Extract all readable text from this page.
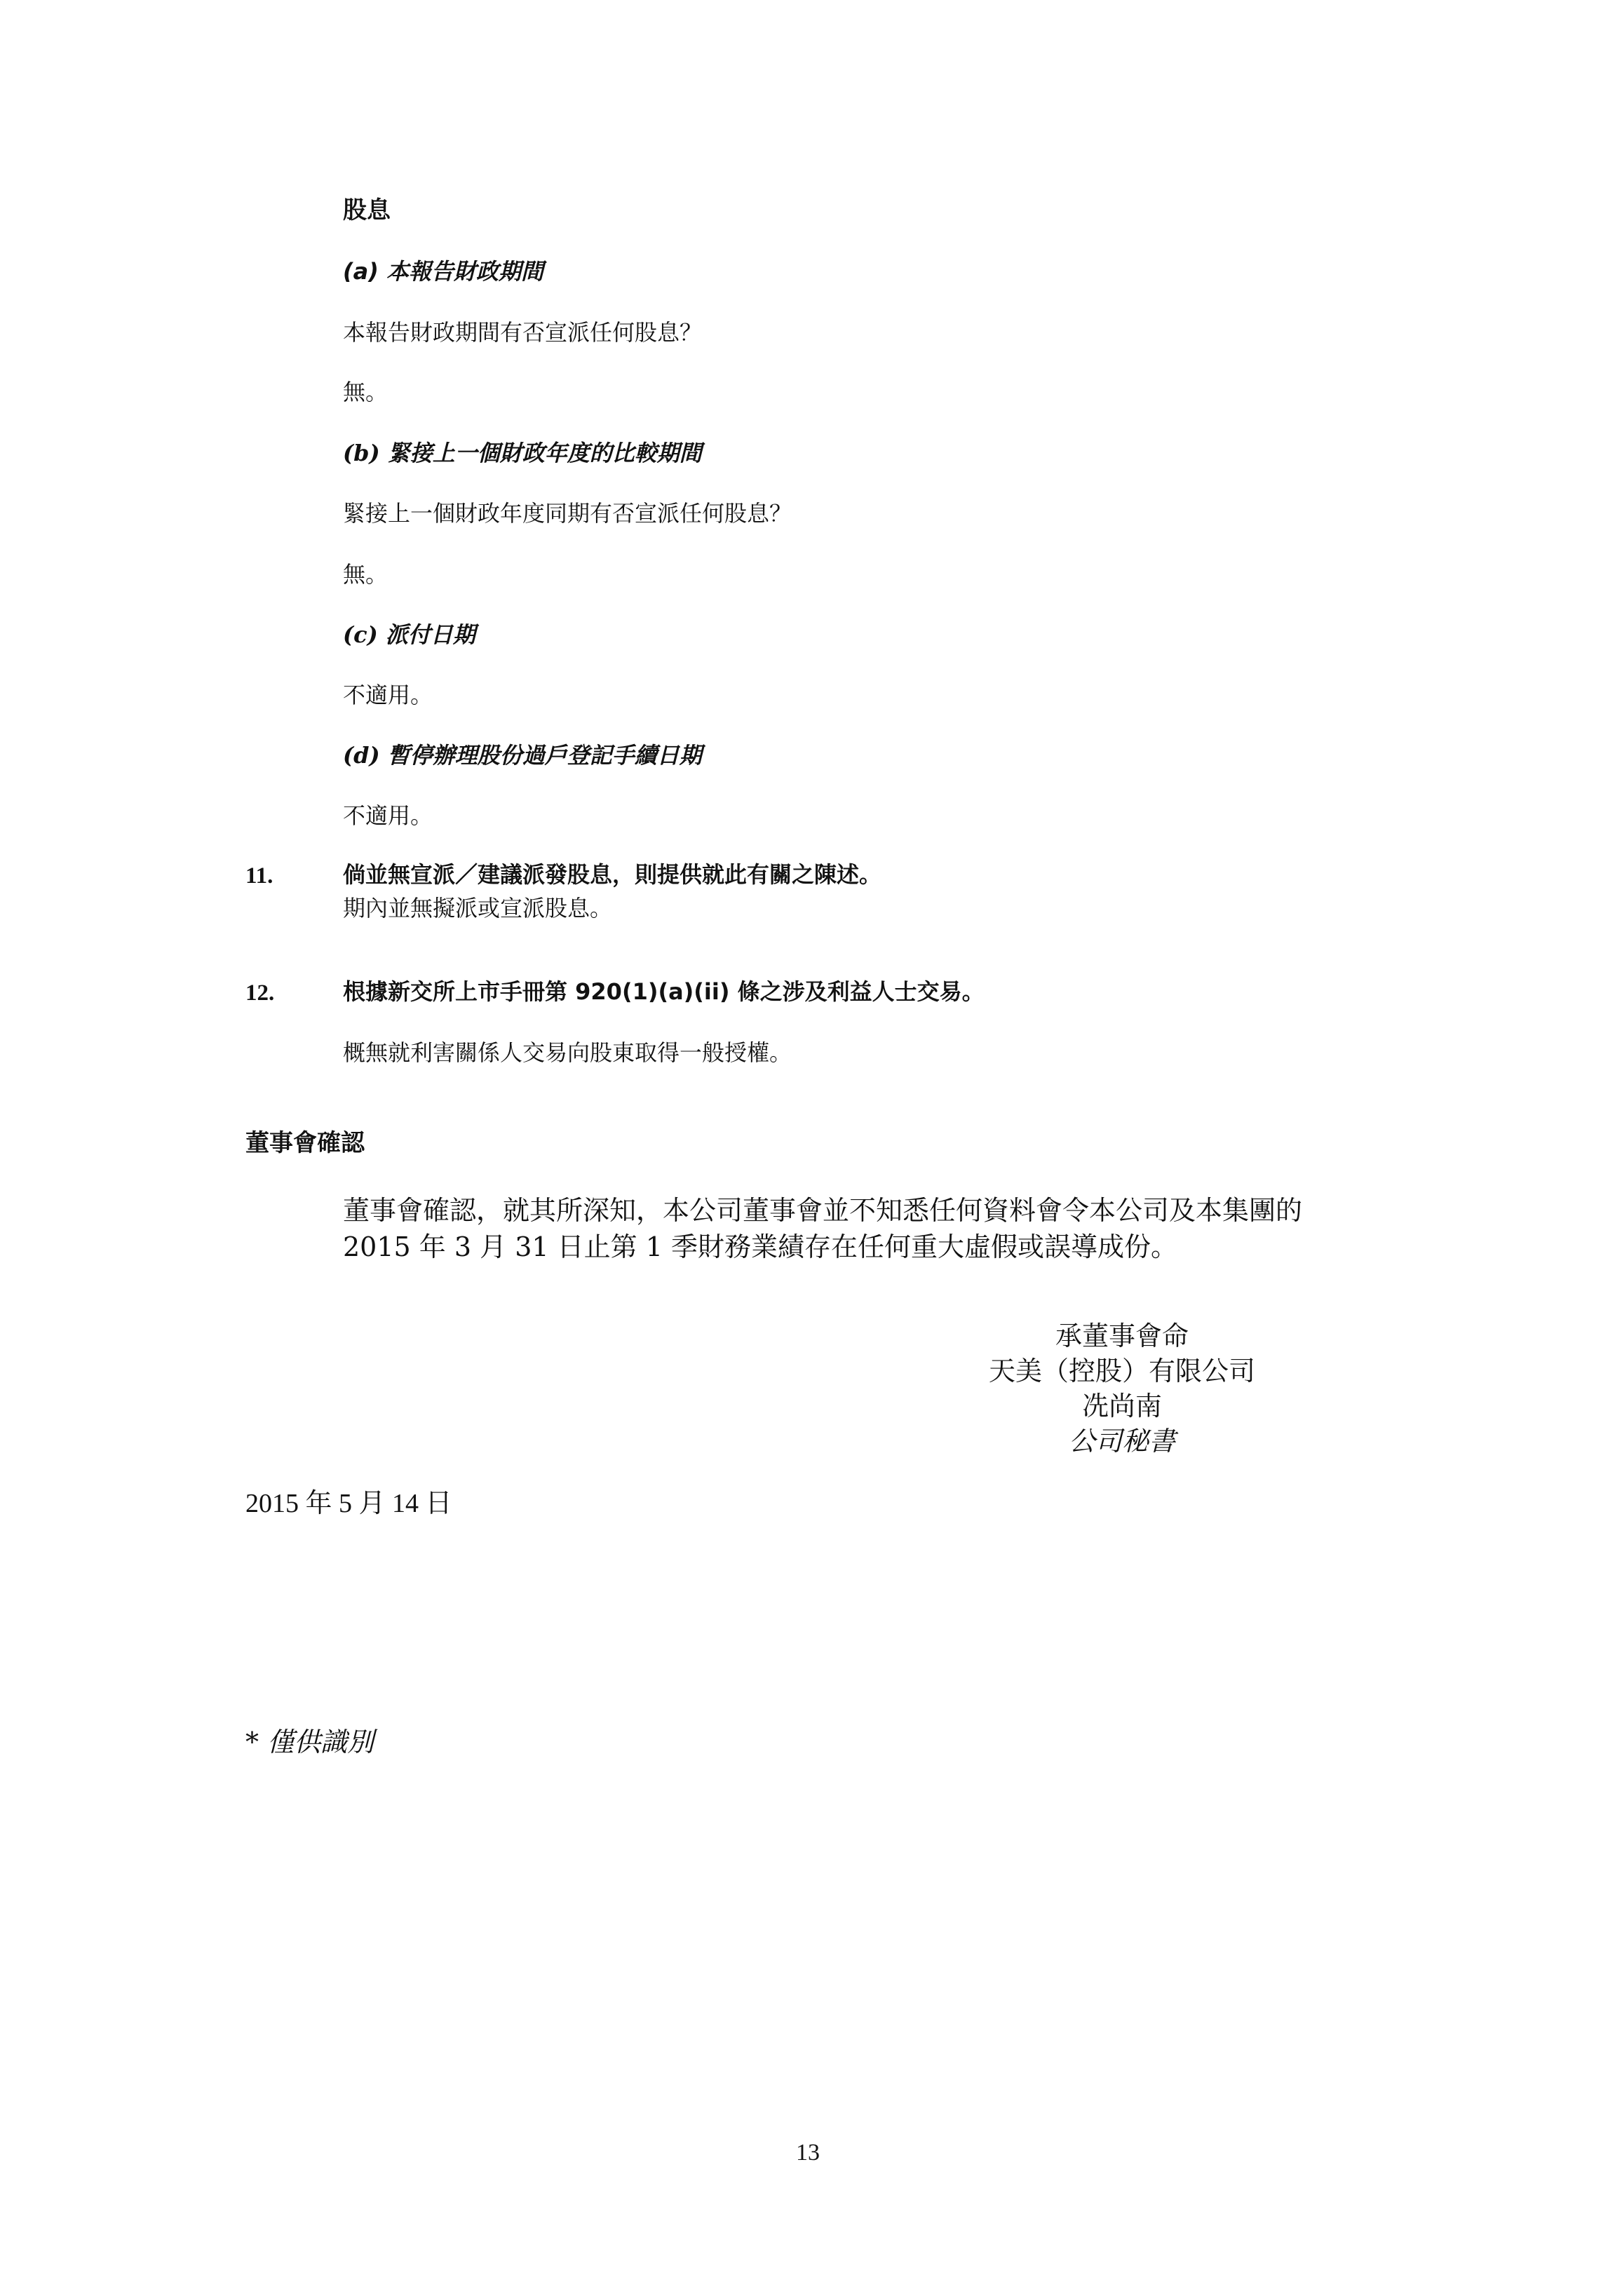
股息
(a) 本報告財政期間
本報告財政期間有否宣派任何股息？
無。
(b) 緊接上一個財政年度的比較期間
緊接上一個財政年度同期有否宣派任何股息？
無。
(c) 派付日期
不適用。
(d) 暫停辦理股份過戶登記手續日期
不適用。
11.	倘並無宣派／建議派發股息，則提供就此有關之陳述。
期內並無擬派或宣派股息。
12.	根據新交所上市手冊第 920(1)(a)(ii) 條之涉及利益人士交易。
概無就利害關係人交易向股東取得一般授權。
董事會確認
董事會確認，就其所深知，本公司董事會並不知悉任何資料會令本公司及本集團的
2015 年 3 月 31 日止第 1 季財務業績存在任何重大虛假或誤導成份。
承董事會命
天美（控股）有限公司
冼尚南
公司秘書
2015 年 5 月 14 日
* 僅供識別
13
